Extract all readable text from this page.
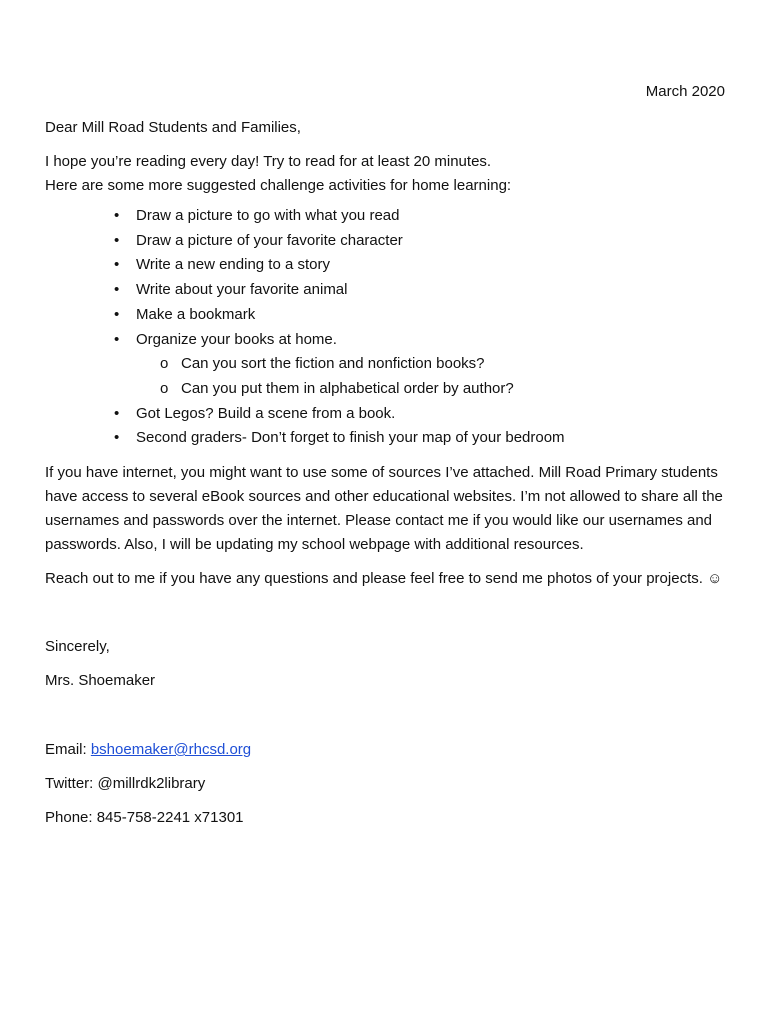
March 2020

Dear Mill Road Students and Families,

I hope you’re reading every day! Try to read for at least 20 minutes.

Here are some more suggested challenge activities for home learning:

• Draw a picture to go with what you read
• Draw a picture of your favorite character
• Write a new ending to a story
• Write about your favorite animal
• Make a bookmark
• Organize your books at home.
o Can you sort the fiction and nonfiction books?
o Can you put them in alphabetical order by author?
• Got Legos? Build a scene from a book.
• Second graders- Don’t forget to finish your map of your bedroom

If you have internet, you might want to use some of sources I’ve attached. Mill Road Primary students have access to several eBook sources and other educational websites. I’m not allowed to share all the usernames and passwords over the internet. Please contact me if you would like our usernames and passwords. Also, I will be updating my school webpage with additional resources.

Reach out to me if you have any questions and please feel free to send me photos of your projects. ☺

Sincerely,

Mrs. Shoemaker

Email: bshoemaker@rhcsd.org
Twitter: @millrdk2library
Phone: 845-758-2241 x71301
